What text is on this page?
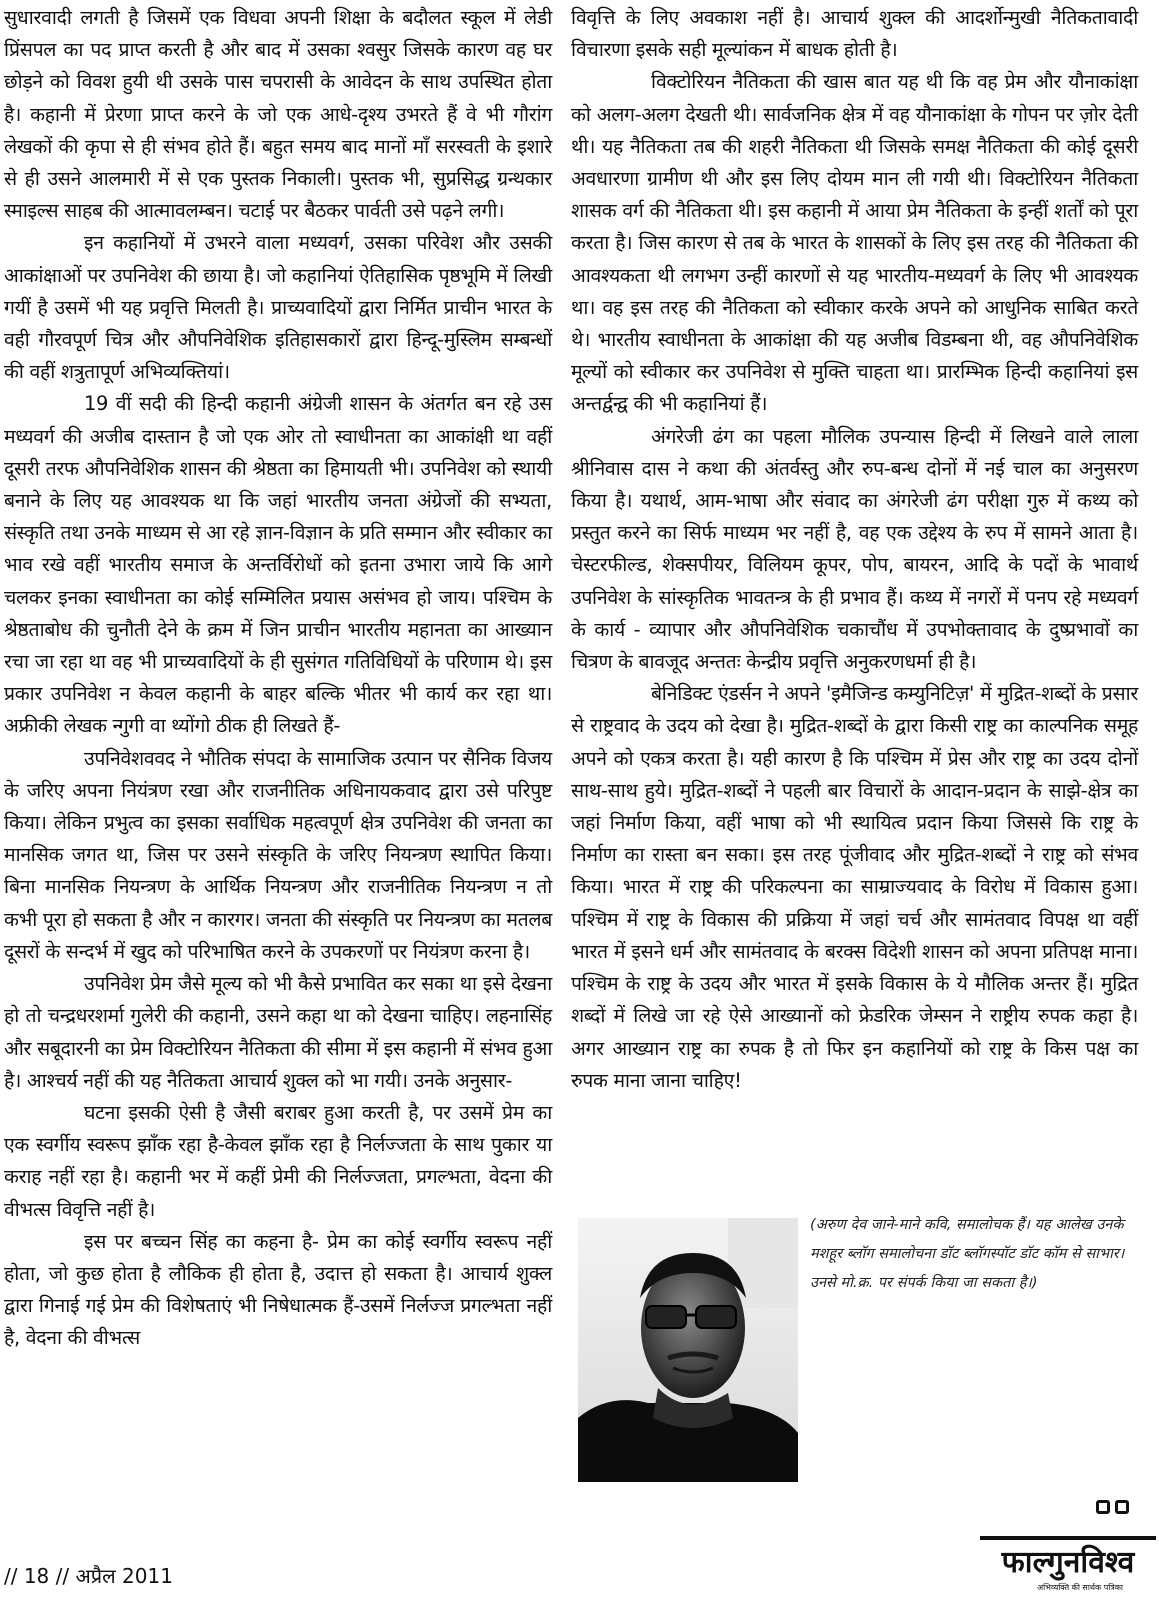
सुधारवादी लगती है जिसमें एक विधवा अपनी शिक्षा के बदौलत स्कूल में लेडी प्रिंसपल का पद प्राप्त करती है और बाद में उसका श्वसुर जिसके कारण वह घर छोड़ने को विवश हुयी थी उसके पास चपरासी के आवेदन के साथ उपस्थित होता है। कहानी में प्रेरणा प्राप्त करने के जो एक आधे-दृश्य उभरते हैं वे भी गौरांग लेखकों की कृपा से ही संभव होते हैं। बहुत समय बाद मानों माँ सरस्वती के इशारे से ही उसने आलमारी में से एक पुस्तक निकाली। पुस्तक भी, सुप्रसिद्ध ग्रन्थकार स्माइल्स साहब की आत्मावलम्बन। चटाई पर बैठकर पार्वती उसे पढ़ने लगी।

इन कहानियों में उभरने वाला मध्यवर्ग, उसका परिवेश और उसकी आकांक्षाओं पर उपनिवेश की छाया है। जो कहानियां ऐतिहासिक पृष्ठभूमि में लिखी गयीं है उसमें भी यह प्रवृत्ति मिलती है। प्राच्यवादियों द्वारा निर्मित प्राचीन भारत के वही गौरवपूर्ण चित्र और औपनिवेशिक इतिहासकारों द्वारा हिन्दू-मुस्लिम सम्बन्धों की वहीं शत्रुतापूर्ण अभिव्यक्तियां।

19 वीं सदी की हिन्दी कहानी अंग्रेजी शासन के अंतर्गत बन रहे उस मध्यवर्ग की अजीब दास्तान है जो एक ओर तो स्वाधीनता का आकांक्षी था वहीं दूसरी तरफ औपनिवेशिक शासन की श्रेष्ठता का हिमायती भी। उपनिवेश को स्थायी बनाने के लिए यह आवश्यक था कि जहां भारतीय जनता अंग्रेजों की सभ्यता, संस्कृति तथा उनके माध्यम से आ रहे ज्ञान-विज्ञान के प्रति सम्मान और स्वीकार का भाव रखे वहीं भारतीय समाज के अन्तर्विरोधों को इतना उभारा जाये कि आगे चलकर इनका स्वाधीनता का कोई सम्मिलित प्रयास असंभव हो जाय। पश्चिम के श्रेष्ठताबोध की चुनौती देने के क्रम में जिन प्राचीन भारतीय महानता का आख्यान रचा जा रहा था वह भी प्राच्यवादियों के ही सुसंगत गतिविधियों के परिणाम थे। इस प्रकार उपनिवेश न केवल कहानी के बाहर बल्कि भीतर भी कार्य कर रहा था। अफ्रीकी लेखक न्गुगी वा थ्योंगो ठीक ही लिखते हैं-

उपनिवेशववद ने भौतिक संपदा के सामाजिक उत्पान पर सैनिक विजय के जरिए अपना नियंत्रण रखा और राजनीतिक अधिनायकवाद द्वारा उसे परिपुष्ट किया। लेकिन प्रभुत्व का इसका सर्वाधिक महत्वपूर्ण क्षेत्र उपनिवेश की जनता का मानसिक जगत था, जिस पर उसने संस्कृति के जरिए नियन्त्रण स्थापित किया। बिना मानसिक नियन्त्रण के आर्थिक नियन्त्रण और राजनीतिक नियन्त्रण न तो कभी पूरा हो सकता है और न कारगर। जनता की संस्कृति पर नियन्त्रण का मतलब दूसरों के सन्दर्भ में खुद को परिभाषित करने के उपकरणों पर नियंत्रण करना है।

उपनिवेश प्रेम जैसे मूल्य को भी कैसे प्रभावित कर सका था इसे देखना हो तो चन्द्रधरशर्मा गुलेरी की कहानी, उसने कहा था को देखना चाहिए। लहनासिंह और सबूदारनी का प्रेम विक्टोरियन नैतिकता की सीमा में इस कहानी में संभव हुआ है। आश्चर्य नहीं की यह नैतिकता आचार्य शुक्ल को भा गयी। उनके अनुसार-

घटना इसकी ऐसी है जैसी बराबर हुआ करती है, पर उसमें प्रेम का एक स्वर्गीय स्वरूप झाँक रहा है-केवल झाँक रहा है निर्लज्जता के साथ पुकार या कराह नहीं रहा है। कहानी भर में कहीं प्रेमी की निर्लज्जता, प्रगल्भता, वेदना की वीभत्स विवृत्ति नहीं है।

इस पर बच्चन सिंह का कहना है- प्रेम का कोई स्वर्गीय स्वरूप नहीं होता, जो कुछ होता है लौकिक ही होता है, उदात्त हो सकता है। आचार्य शुक्ल द्वारा गिनाई गई प्रेम की विशेषताएं भी निषेधात्मक हैं-उसमें निर्लज्ज प्रगल्भता नहीं है, वेदना की वीभत्स

विवृत्ति के लिए अवकाश नहीं है। आचार्य शुक्ल की आदर्शोन्मुखी नैतिकतावादी विचारणा इसके सही मूल्यांकन में बाधक होती है।

विक्टोरियन नैतिकता की खास बात यह थी कि वह प्रेम और यौनाकांक्षा को अलग-अलग देखती थी। सार्वजनिक क्षेत्र में वह यौनाकांक्षा के गोपन पर ज़ोर देती थी। यह नैतिकता तब की शहरी नैतिकता थी जिसके समक्ष नैतिकता की कोई दूसरी अवधारणा ग्रामीण थी और इस लिए दोयम मान ली गयी थी। विक्टोरियन नैतिकता शासक वर्ग की नैतिकता थी। इस कहानी में आया प्रेम नैतिकता के इन्हीं शर्तों को पूरा करता है। जिस कारण से तब के भारत के शासकों के लिए इस तरह की नैतिकता की आवश्यकता थी लगभग उन्हीं कारणों से यह भारतीय-मध्यवर्ग के लिए भी आवश्यक था। वह इस तरह की नैतिकता को स्वीकार करके अपने को आधुनिक साबित करते थे। भारतीय स्वाधीनता के आकांक्षा की यह अजीब विडम्बना थी, वह औपनिवेशिक मूल्यों को स्वीकार कर उपनिवेश से मुक्ति चाहता था। प्रारम्भिक हिन्दी कहानियां इस अन्तर्द्वन्द्व की भी कहानियां हैं।

अंगरेजी ढंग का पहला मौलिक उपन्यास हिन्दी में लिखने वाले लाला श्रीनिवास दास ने कथा की अंतर्वस्तु और रुप-बन्ध दोनों में नई चाल का अनुसरण किया है। यथार्थ, आम-भाषा और संवाद का अंगरेजी ढंग परीक्षा गुरु में कथ्य को प्रस्तुत करने का सिर्फ माध्यम भर नहीं है, वह एक उद्देश्य के रुप में सामने आता है। चेस्टरफील्ड, शेक्सपीयर, विलियम कूपर, पोप, बायरन, आदि के पदों के भावार्थ उपनिवेश के सांस्कृतिक भावतन्त्र के ही प्रभाव हैं। कथ्य में नगरों में पनप रहे मध्यवर्ग के कार्य - व्यापार और औपनिवेशिक चकाचौंध में उपभोक्तावाद के दुष्प्रभावों का चित्रण के बावजूद अन्ततः केन्द्रीय प्रवृत्ति अनुकरणधर्मा ही है।

बेनिडिक्ट एंडर्सन ने अपने 'इमैजिन्ड कम्युनिटिज़' में मुद्रित-शब्दों के प्रसार से राष्ट्रवाद के उदय को देखा है। मुद्रित-शब्दों के द्वारा किसी राष्ट्र का काल्पनिक समूह अपने को एकत्र करता है। यही कारण है कि पश्चिम में प्रेस और राष्ट्र का उदय दोनों साथ-साथ हुये। मुद्रित-शब्दों ने पहली बार विचारों के आदान-प्रदान के साझे-क्षेत्र का जहां निर्माण किया, वहीं भाषा को भी स्थायित्व प्रदान किया जिससे कि राष्ट्र के निर्माण का रास्ता बन सका। इस तरह पूंजीवाद और मुद्रित-शब्दों ने राष्ट्र को संभव किया। भारत में राष्ट्र की परिकल्पना का साम्राज्यवाद के विरोध में विकास हुआ। पश्चिम में राष्ट्र के विकास की प्रक्रिया में जहां चर्च और सामंतवाद विपक्ष था वहीं भारत में इसने धर्म और सामंतवाद के बरक्स विदेशी शासन को अपना प्रतिपक्ष माना। पश्चिम के राष्ट्र के उदय और भारत में इसके विकास के ये मौलिक अन्तर हैं। मुद्रित शब्दों में लिखे जा रहे ऐसे आख्यानों को फ्रेडरिक जेम्सन ने राष्ट्रीय रुपक कहा है। अगर आख्यान राष्ट्र का रुपक है तो फिर इन कहानियों को राष्ट्र के किस पक्ष का रुपक माना जाना चाहिए!

(अरुण देव जाने-माने कवि, समालोचक हैं। यह आलेख उनके मशहूर ब्लॉग समालोचना डॉट ब्लॉगस्पॉट डॉट कॉम से साभार। उनसे मो.क्र. पर संपर्क किया जा सकता है।)
// 18 // अप्रैल 2011	फाल्गुनविश्व
अभिव्यक्ति की सार्थक पत्रिका
